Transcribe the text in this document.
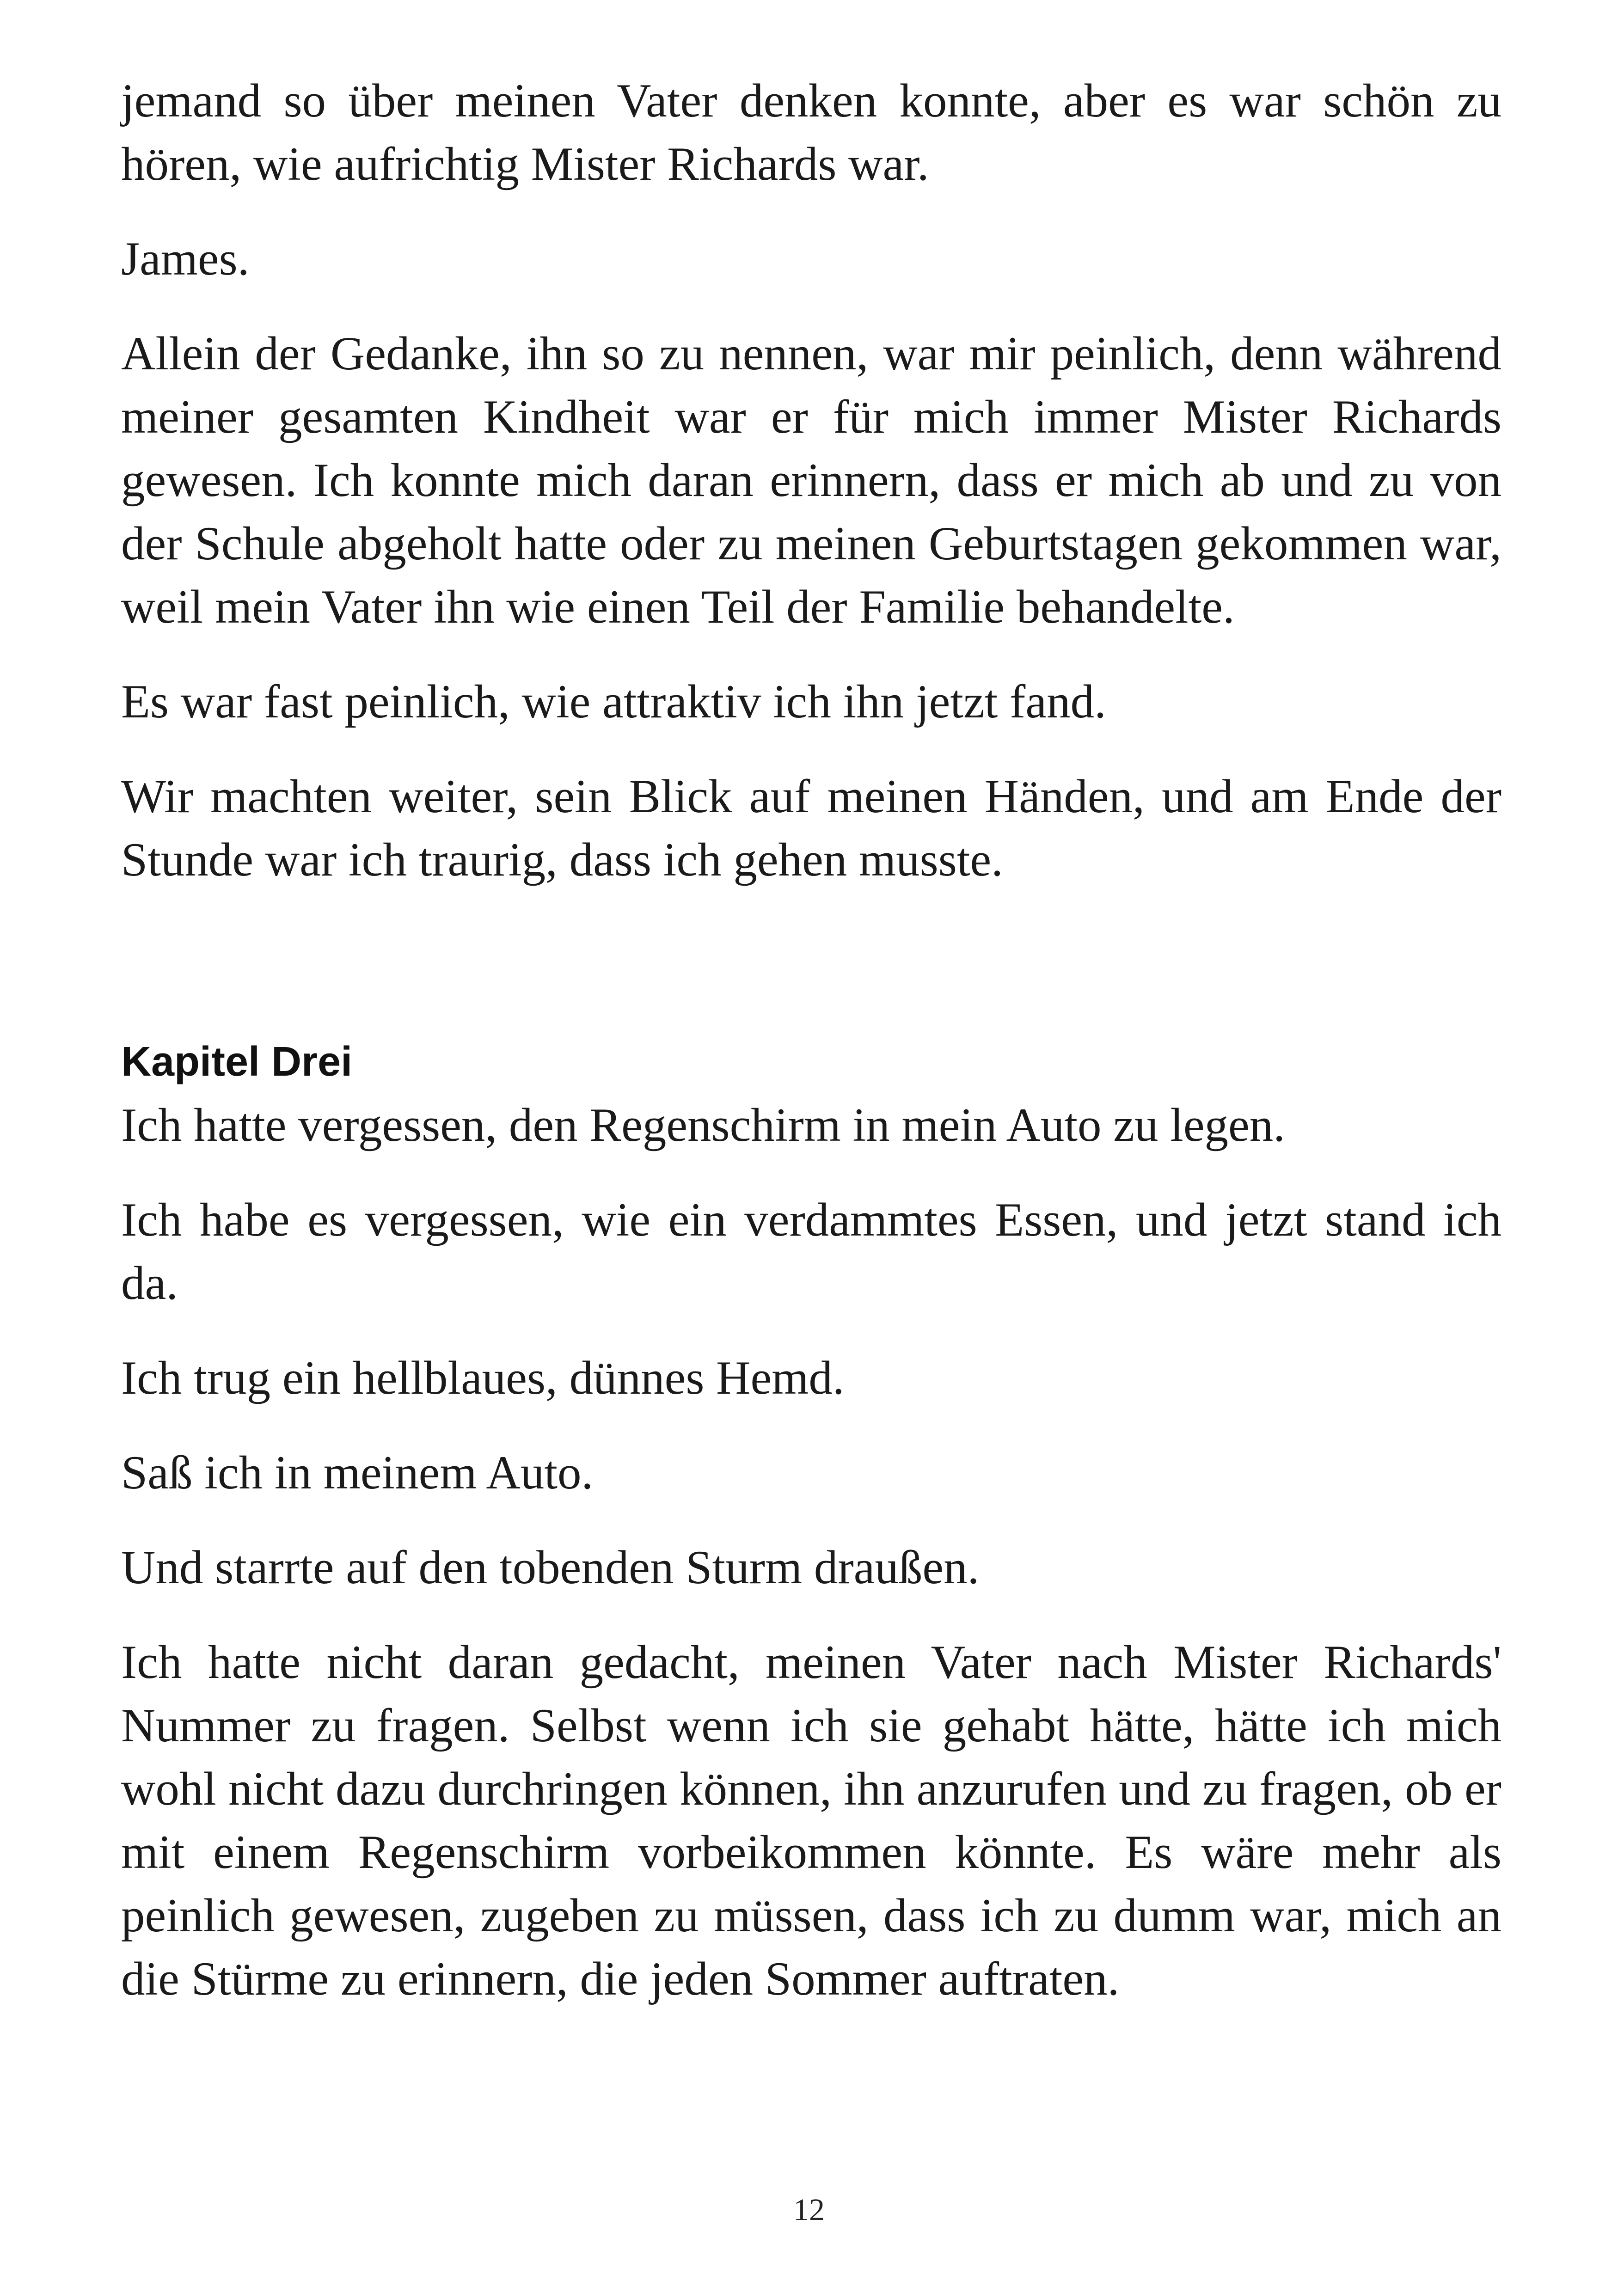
jemand so über meinen Vater denken konnte, aber es war schön zu hören, wie aufrichtig Mister Richards war.

James.

Allein der Gedanke, ihn so zu nennen, war mir peinlich, denn während meiner gesamten Kindheit war er für mich immer Mister Richards gewesen. Ich konnte mich daran erinnern, dass er mich ab und zu von der Schule abgeholt hatte oder zu meinen Geburtstagen gekommen war, weil mein Vater ihn wie einen Teil der Familie behandelte.

Es war fast peinlich, wie attraktiv ich ihn jetzt fand.

Wir machten weiter, sein Blick auf meinen Händen, und am Ende der Stunde war ich traurig, dass ich gehen musste.

Kapitel Drei

Ich hatte vergessen, den Regenschirm in mein Auto zu legen.

Ich habe es vergessen, wie ein verdammtes Essen, und jetzt stand ich da.

Ich trug ein hellblaues, dünnes Hemd.

Saß ich in meinem Auto.

Und starrte auf den tobenden Sturm draußen.

Ich hatte nicht daran gedacht, meinen Vater nach Mister Richards' Nummer zu fragen. Selbst wenn ich sie gehabt hätte, hätte ich mich wohl nicht dazu durchringen können, ihn anzurufen und zu fragen, ob er mit einem Regenschirm vorbeikommen könnte. Es wäre mehr als peinlich gewesen, zugeben zu müssen, dass ich zu dumm war, mich an die Stürme zu erinnern, die jeden Sommer auftraten.

12
